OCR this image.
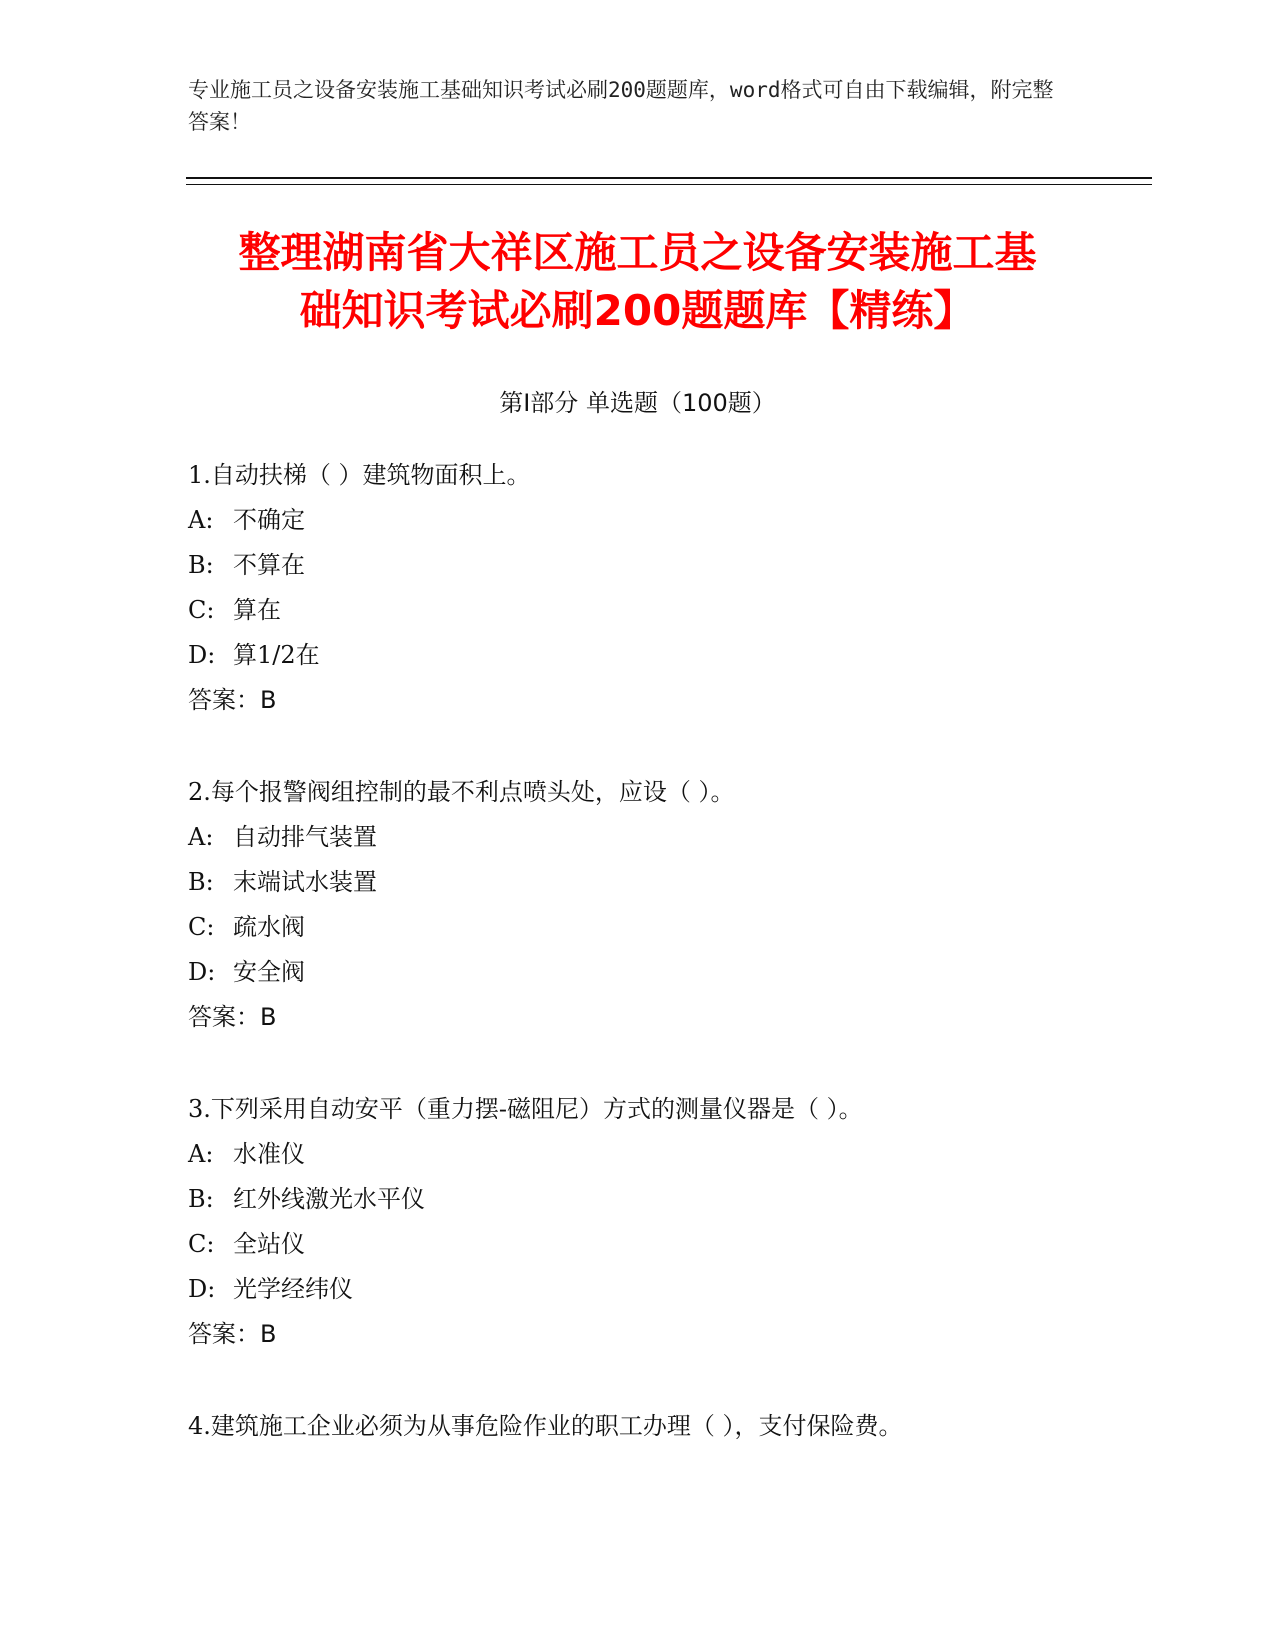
专业施工员之设备安装施工基础知识考试必刷200题题库，word格式可自由下载编辑，附完整答案！
整理湖南省大祥区施工员之设备安装施工基
础知识考试必刷200题题库【精练】
第I部分 单选题（100题）
1.自动扶梯（ ）建筑物面积上。
A: 不确定
B: 不算在
C: 算在
D: 算1/2在
答案：B
2.每个报警阀组控制的最不利点喷头处，应设（ ）。
A: 自动排气装置
B: 末端试水装置
C: 疏水阀
D: 安全阀
答案：B
3.下列采用自动安平（重力摆-磁阻尼）方式的测量仪器是（ ）。
A: 水准仪
B: 红外线激光水平仪
C: 全站仪
D: 光学经纬仪
答案：B
4.建筑施工企业必须为从事危险作业的职工办理（ ），支付保险费。
